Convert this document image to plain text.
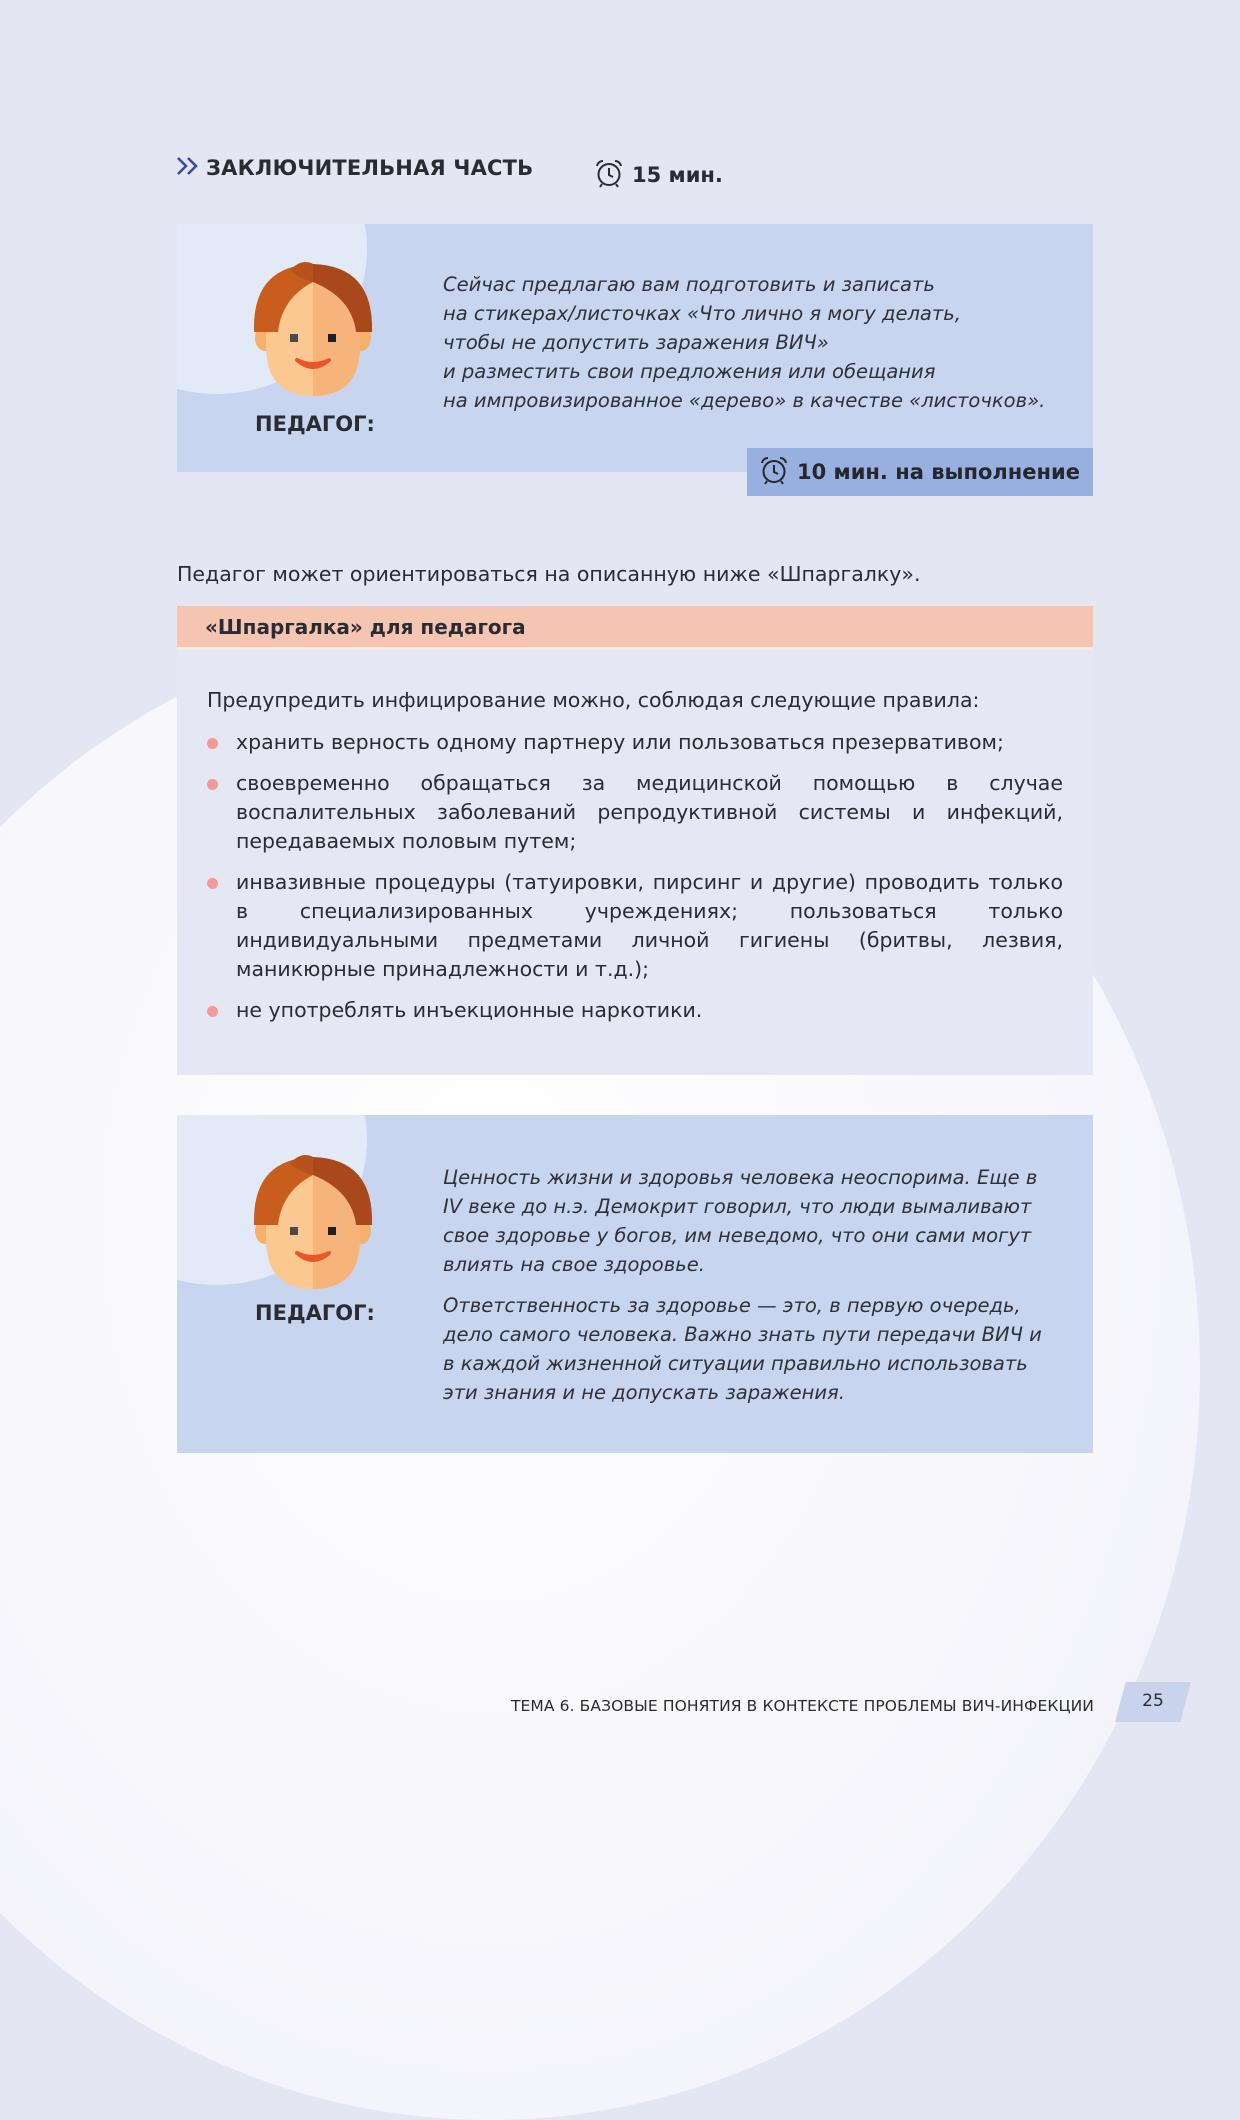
ЗАКЛЮЧИТЕЛЬНАЯ ЧАСТЬ	15 мин.
ПЕДАГОГ:
Сейчас предлагаю вам подготовить и записать
на стикерах/листочках «Что лично я могу делать,
чтобы не допустить заражения ВИЧ»
и разместить свои предложения или обещания
на импровизированное «дерево» в качестве «листочков».
10 мин. на выполнение
Педагог может ориентироваться на описанную ниже «Шпаргалку».
«Шпаргалка» для педагога
Предупредить инфицирование можно, соблюдая следующие правила:
хранить верность одному партнеру или пользоваться презервативом;
своевременно обращаться за медицинской помощью в случае воспалительных заболеваний репродуктивной системы и инфекций, передаваемых половым путем;
инвазивные процедуры (татуировки, пирсинг и другие) проводить только в специализированных учреждениях; пользоваться только индивидуальными предметами личной гигиены (бритвы, лезвия, маникюрные принадлежности и т.д.);
не употреблять инъекционные наркотики.
ПЕДАГОГ:

Ценность жизни и здоровья человека неоспорима. Еще в IV веке до н.э. Демокрит говорил, что люди вымаливают свое здоровье у богов, им неведомо, что они сами могут влиять на свое здоровье.

Ответственность за здоровье — это, в первую очередь, дело самого человека. Важно знать пути передачи ВИЧ и в каждой жизненной ситуации правильно использовать эти знания и не допускать заражения.

ТЕМА 6. БАЗОВЫЕ ПОНЯТИЯ В КОНТЕКСТЕ ПРОБЛЕМЫ ВИЧ-ИНФЕКЦИИ	25
